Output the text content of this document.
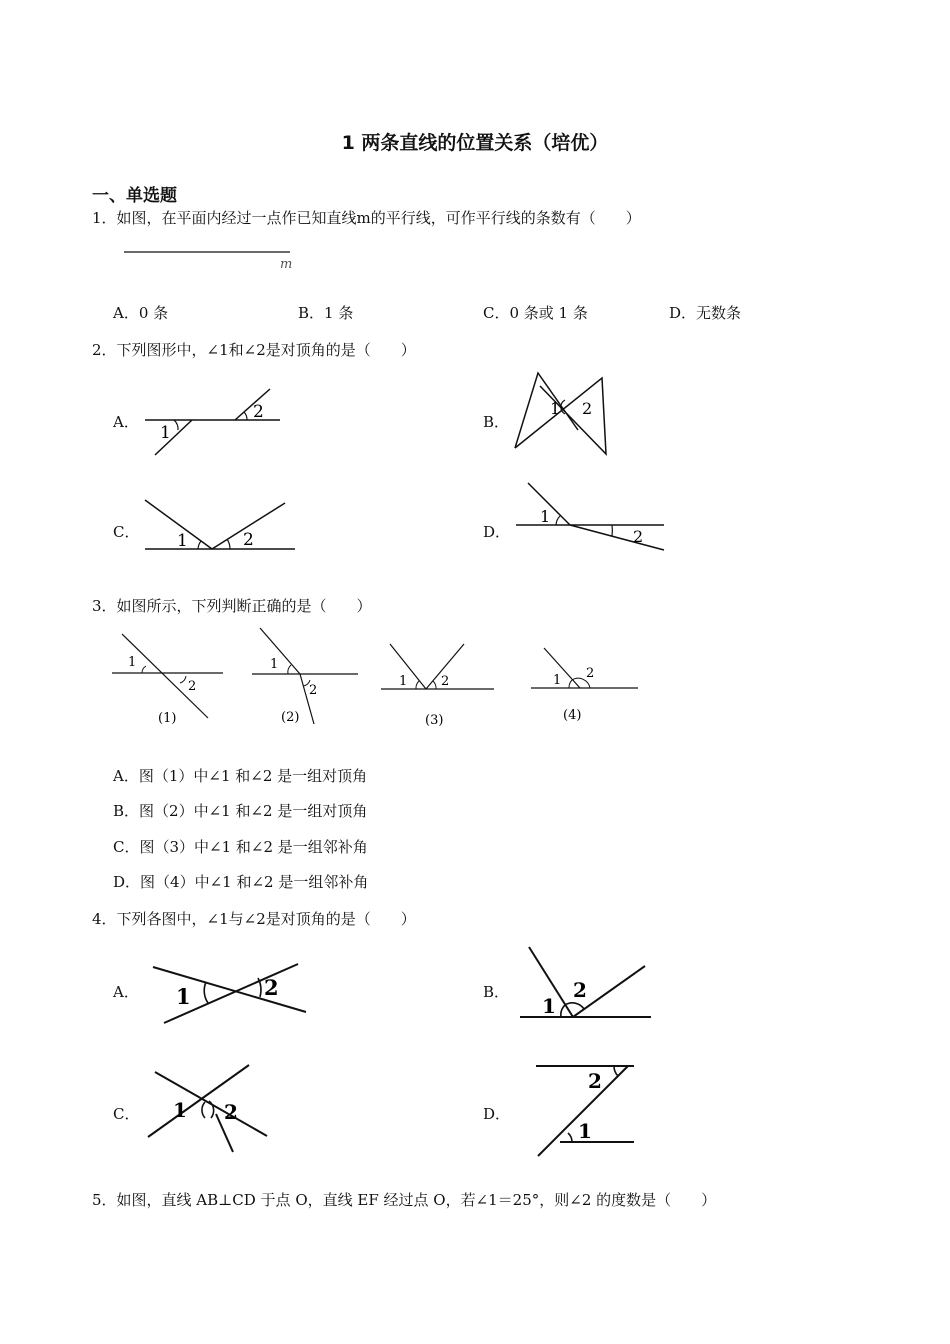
1 两条直线的位置关系（培优）
一、单选题
1．如图，在平面内经过一点作已知直线m的平行线，可作平行线的条数有（　　）
m
A．0 条	B．1 条	C．0 条或 1 条	D．无数条
2．下列图形中，∠1和∠2是对顶角的是（　　）
A．
1
2	B．
1 2
C． 1	2	D．
1
2
3．如图所示，下列判断正确的是（　　）
1
2
(1)
1
2
(2)
1	2
(3)
1 2
(4)
A．图（1）中∠1 和∠2 是一组对顶角
B．图（2）中∠1 和∠2 是一组对顶角
C．图（3）中∠1 和∠2 是一组邻补角
D．图（4）中∠1 和∠2 是一组邻补角
4．下列各图中，∠1与∠2是对顶角的是（　　）
A． 1	2	B．
1
2
C． 1 2	D．
2
1
5．如图，直线 AB⊥CD 于点 O，直线 EF 经过点 O，若∠1＝25°，则∠2 的度数是（　　）
